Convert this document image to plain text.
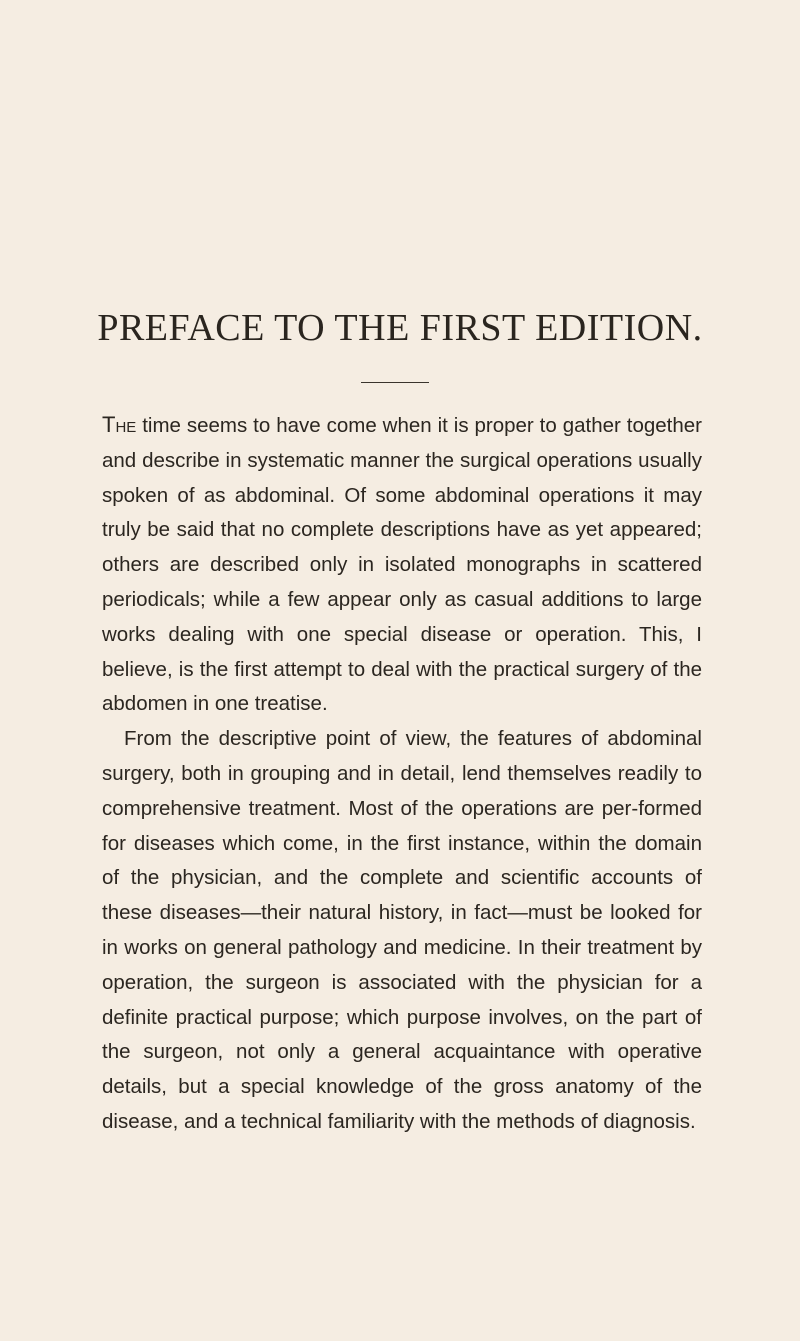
PREFACE TO THE FIRST EDITION.

The time seems to have come when it is proper to gather together and describe in systematic manner the surgical operations usually spoken of as abdominal. Of some abdominal operations it may truly be said that no complete descriptions have as yet appeared; others are described only in isolated monographs in scattered periodicals; while a few appear only as casual additions to large works dealing with one special disease or operation. This, I believe, is the first attempt to deal with the practical surgery of the abdomen in one treatise.

From the descriptive point of view, the features of abdominal surgery, both in grouping and in detail, lend themselves readily to comprehensive treatment. Most of the operations are per-formed for diseases which come, in the first instance, within the domain of the physician, and the complete and scientific accounts of these diseases—their natural history, in fact—must be looked for in works on general pathology and medicine. In their treatment by operation, the surgeon is associated with the physician for a definite practical purpose; which purpose involves, on the part of the surgeon, not only a general acquaintance with operative details, but a special knowledge of the gross anatomy of the disease, and a technical familiarity with the methods of diagnosis.
